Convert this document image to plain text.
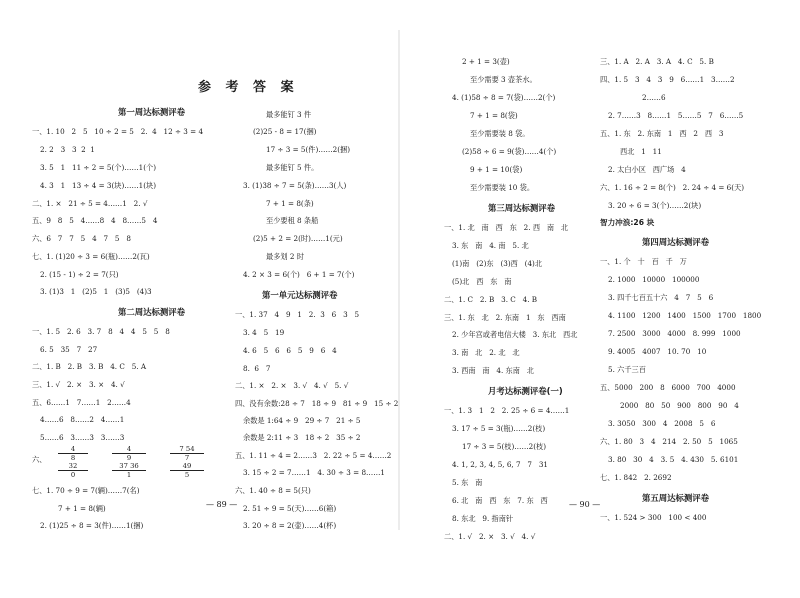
参 考 答 案
第一周达标测评卷
一、1. 10   2   5   10 ÷ 2 = 5   2.  4   12 ÷ 3 = 4
2. 2   3   3  2  1
3. 5   1   11 ÷ 2 = 5(个)……1(个)
4. 3   1   13 ÷ 4 = 3(块)……1(块)
二、1. ×   21 ÷ 5 = 4……1   2. √
五、9   8   5   4……8   4   8……5   4
六、6   7   7   5   4   7   5   8
七、1. (1)20 ÷ 3 = 6(瓶)……2(瓦)
2. (15 - 1) ÷ 2 = 7(只)
3. (1)3   1   (2)5   1   (3)5   (4)3
第二周达标测评卷
一、1. 5   2. 6   3. 7   8   4   4   5   5   8
6. 5   35   7   27
二、1. B   2. B   3. B   4. C   5. A
三、1. √   2. ×   3. ×   4. √
五、6……1   7……1   2……4
4……6   8……2   4……1
5……6   3……3   3……3
六、
4
8
32
0
4
9
37 36
1
7 54
7
49
5
七、1. 70 ÷ 9 = 7(辆)……7(名)
7 + 1 = 8(辆)
2. (1)25 ÷ 8 = 3(件)……1(捆)
最多能钉 3 件
(2)25 - 8 = 17(捆)
17 ÷ 3 = 5(件)……2(捆)
最多能钉 5 件。
3. (1)38 ÷ 7 = 5(条)……3(人)
7 + 1 = 8(条)
至少要租 8 条船
(2)5 + 2 = 2(时)……1(元)
最多划 2 时
4. 2 × 3 = 6(个)   6 + 1 = 7(个)
第一单元达标测评卷
一、1. 37   4   9   1   2.  3   6   3   5
3. 4   5   19
4. 6   5   6   6   5   9   6   4
8.  6   7
二、1. ×   2. ×   3. √   4. √   5. √
四、没有余数:28 ÷ 7   18 ÷ 9   81 ÷ 9   15 ÷ 2
余数是 1:64 ÷ 9   29 ÷ 7   21 ÷ 5
余数是 2:11 ÷ 3   18 ÷ 2   35 ÷ 2
五、1. 11 ÷ 4 = 2……3   2. 22 ÷ 5 = 4……2
3. 15 ÷ 2 = 7……1   4. 30 ÷ 3 = 8……1
六、1. 40 ÷ 8 = 5(只)
2. 51 ÷ 9 = 5(天)……6(箱)
3. 20 ÷ 8 = 2(壶)……4(杯)
— 89 —
2 + 1 = 3(壶)
至少需要 3 壶茶水。
4. (1)58 ÷ 8 = 7(袋)……2(个)
7 + 1 = 8(袋)
至少需要装 8 袋。
(2)58 ÷ 6 = 9(袋)……4(个)
9 + 1 = 10(袋)
至少需要装 10 袋。
第三周达标测评卷
一、1. 北   南   西   东   2. 西   南   北
3. 东   南   4. 南   5. 北
(1)南   (2)东   (3)西   (4)北
(5)北   西   东   南
二、1. C   2. B   3. C   4. B
三、1. 东   北   2. 东南   1   东   西南
2. 少年宫或者电信大楼   3. 东北   西北
3. 南   北   2. 北   北
3. 西南   南   4. 东南   北
月考达标测评卷(一)
一、1. 3   1   2   2. 25 ÷ 6 = 4……1
3. 17 ÷ 5 = 3(瓶)……2(枝)
17 ÷ 3 = 5(枝)……2(枝)
4. 1, 2, 3, 4, 5, 6, 7   7   31
5. 东   南
6. 北   南   西   东   7. 东   西
8. 东北   9. 指南针
二、1. √   2. ×   3. √   4. √
三、1. A   2. A   3. A   4. C   5. B
四、1. 5   3   4   3   9   6……1   3……2
2……6
2. 7……3   8……1   5……5   7   6……5
五、1. 东   2. 东南   1   西   2   西   3
西北   1   11
2. 太白小区   西广场   4
六、1. 16 ÷ 2 = 8(个)   2. 24 ÷ 4 = 6(天)
3. 20 ÷ 6 = 3(个)……2(块)
智力冲浪:26 块
第四周达标测评卷
一、1. 个   十   百   千   万
2. 1000   10000   100000
3. 四千七百五十六   4   7   5   6
4. 1100   1200   1400   1500   1700   1800
7. 2500   3000   4000   8. 999   1000
9. 4005   4007   10. 70   10
5. 六千三百
五、5000   200   8   6000   700   4000
2000   80   50   900   800   90   4
3. 3050   300   4   2008   5   6
六、1. 80   3   4   214   2. 50   5   1065
3. 80   30   4   3. 5   4. 430   5. 6101
七、1. 842   2. 2692
第五周达标测评卷
一、1. 524 > 300   100 < 400
— 90 —
